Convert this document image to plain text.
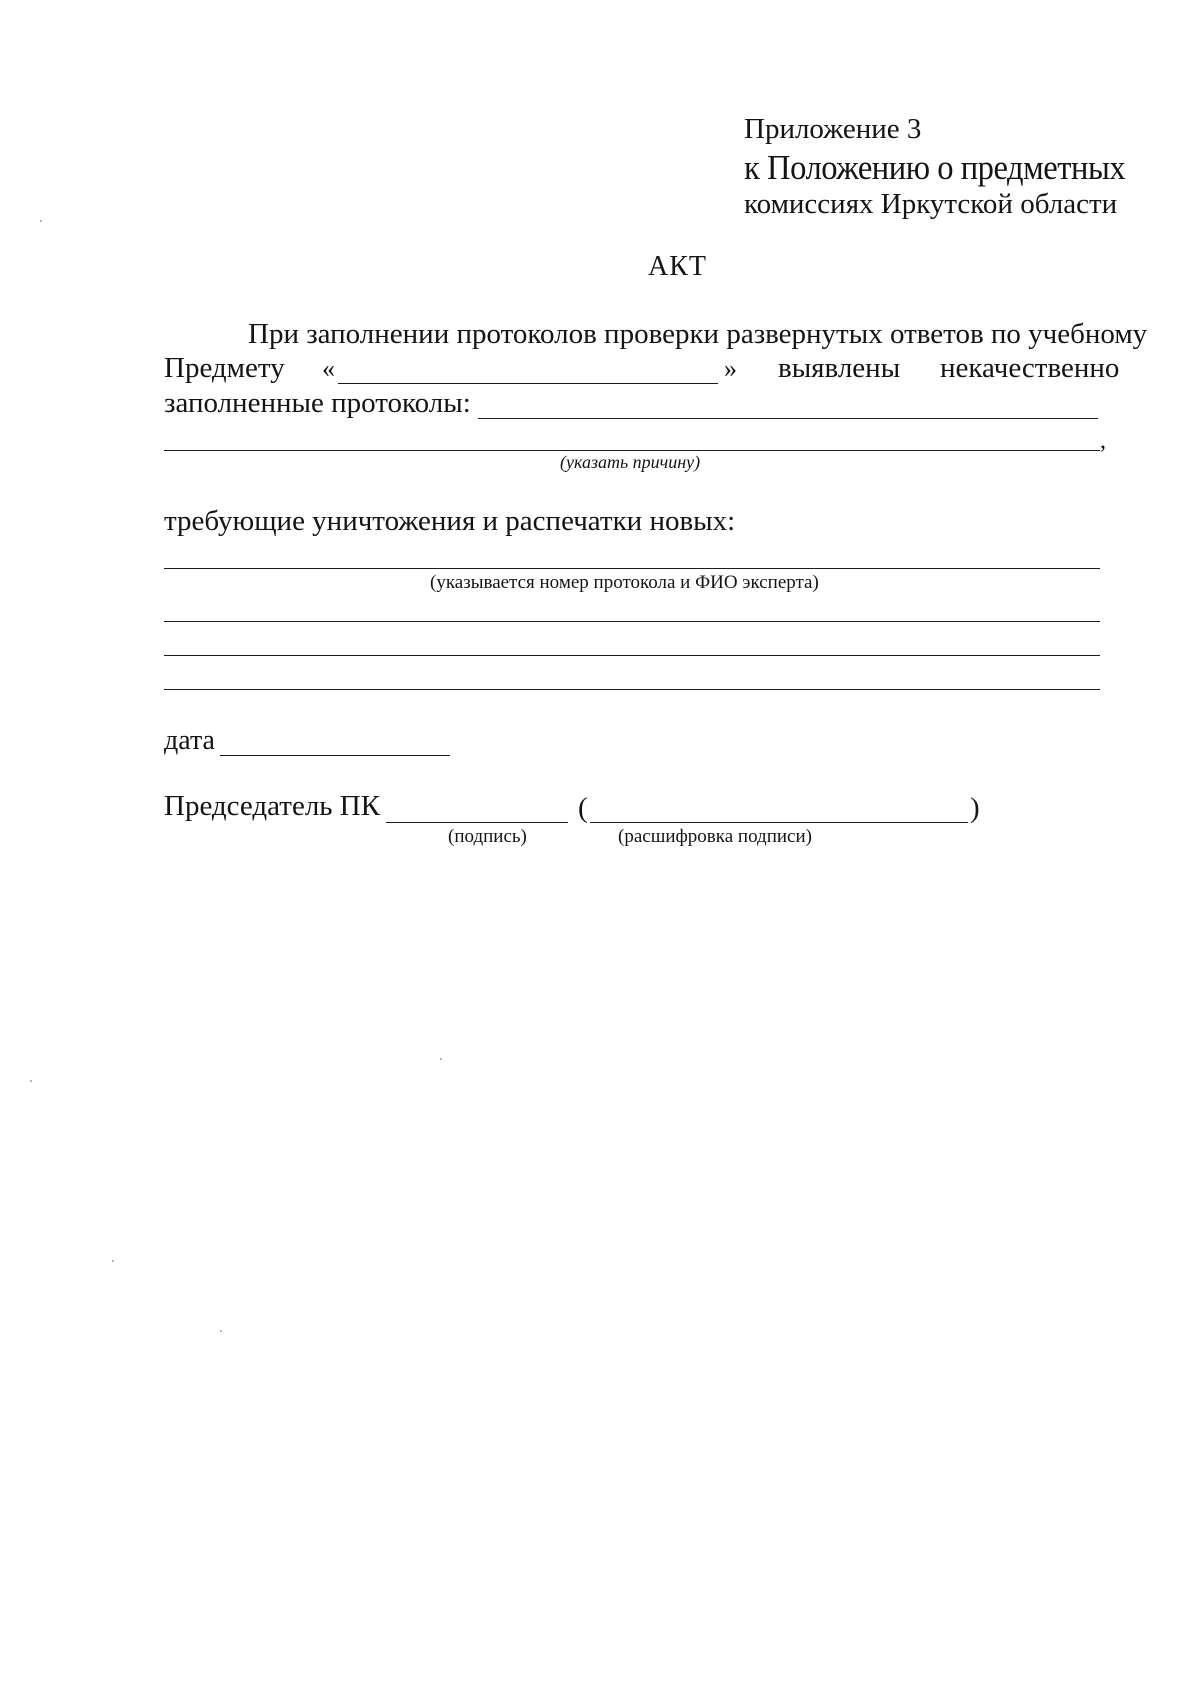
Приложение 3
к Положению о предметных
комиссиях Иркутской области
АКТ
При заполнении протоколов проверки развернутых ответов по учебному
Предмету «	» выявлены некачественно
заполненные протоколы:
,
(указать причину)
требующие уничтожения и распечатки новых:
(указывается номер протокола и ФИО эксперта)
дата
Председатель ПК	(	)
(подпись)	(расшифровка подписи)
